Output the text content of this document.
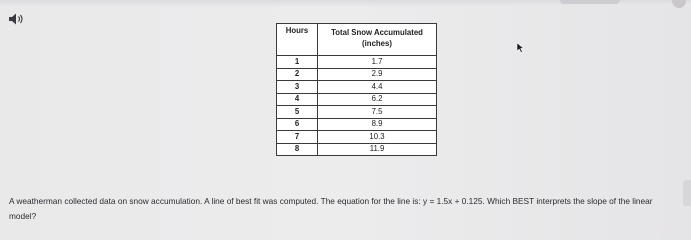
Hours	Total Snow Accumulated
(inches)

1	1.7
2	2.9
3	4.4
4	6.2
5	7.5
6	8.9
7	10.3
8	11.9
A weatherman collected data on snow accumulation. A line of best fit was computed. The equation for the line is: y = 1.5x + 0.125. Which BEST interprets the slope of the linear model?
